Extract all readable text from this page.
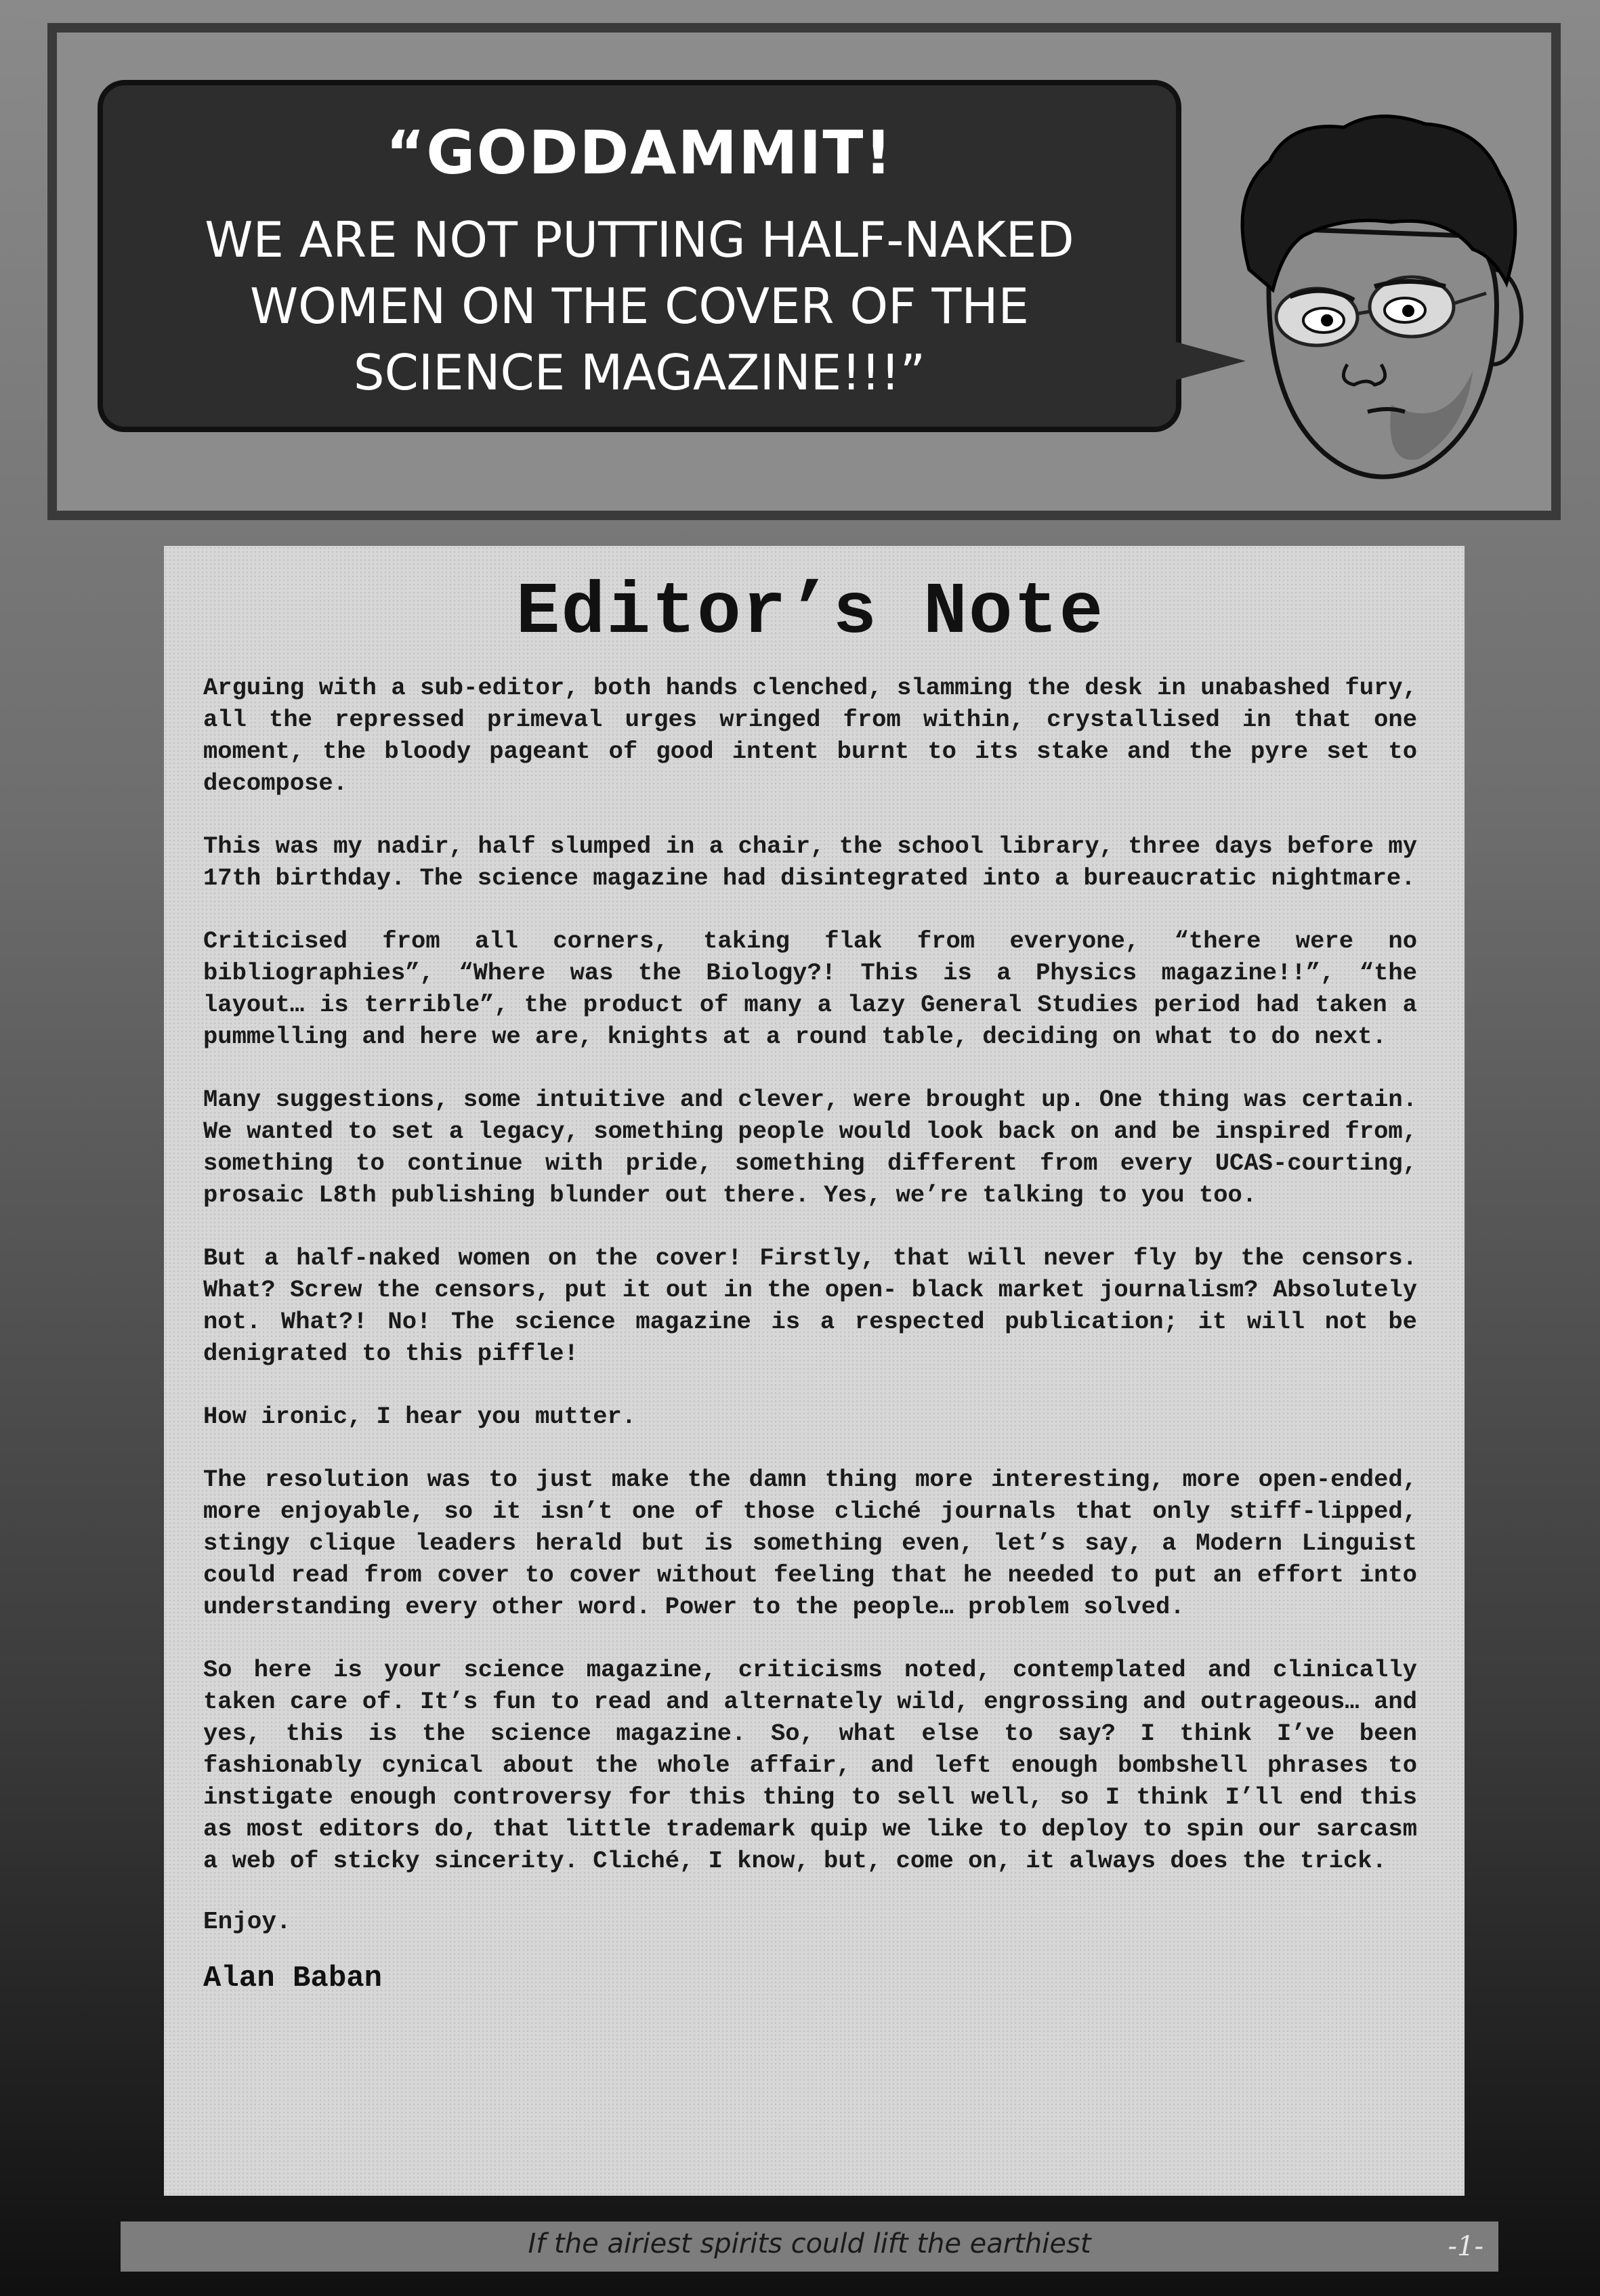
“GODDAMMIT!
WE ARE NOT PUTTING HALF-NAKED WOMEN ON THE COVER OF THE SCIENCE MAGAZINE!!!”
Editor’s Note

Arguing with a sub-editor, both hands clenched, slamming the desk in unabashed fury, all the repressed primeval urges wringed from within, crystallised in that one moment, the bloody pageant of good intent burnt to its stake and the pyre set to decompose.

This was my nadir, half slumped in a chair, the school library, three days before my 17th birthday. The science magazine had disintegrated into a bureaucratic nightmare.

Criticised from all corners, taking flak from everyone, “there were no bibliographies”, “Where was the Biology?! This is a Physics magazine!!”, “the layout… is terrible”, the product of many a lazy General Studies period had taken a pummelling and here we are, knights at a round table, deciding on what to do next.

Many suggestions, some intuitive and clever, were brought up. One thing was certain. We wanted to set a legacy, something people would look back on and be inspired from, something to continue with pride, something different from every UCAS-courting, prosaic L8th publishing blunder out there. Yes, we’re talking to you too.

But a half-naked women on the cover! Firstly, that will never fly by the censors. What? Screw the censors, put it out in the open- black market journalism? Absolutely not. What?! No! The science magazine is a respected publication; it will not be denigrated to this piffle!

How ironic, I hear you mutter.

The resolution was to just make the damn thing more interesting, more open-ended, more enjoyable, so it isn’t one of those cliché journals that only stiff-lipped, stingy clique leaders herald but is something even, let’s say, a Modern Linguist could read from cover to cover without feeling that he needed to put an effort into understanding every other word. Power to the people… problem solved.

So here is your science magazine, criticisms noted, contemplated and clinically taken care of. It’s fun to read and alternately wild, engrossing and outrageous… and yes, this is the science magazine. So, what else to say? I think I’ve been fashionably cynical about the whole affair, and left enough bombshell phrases to instigate enough controversy for this thing to sell well, so I think I’ll end this as most editors do, that little trademark quip we like to deploy to spin our sarcasm a web of sticky sincerity. Cliché, I know, but, come on, it always does the trick.

Enjoy.

Alan Baban

If the airiest spirits could lift the earthiest	-1-
